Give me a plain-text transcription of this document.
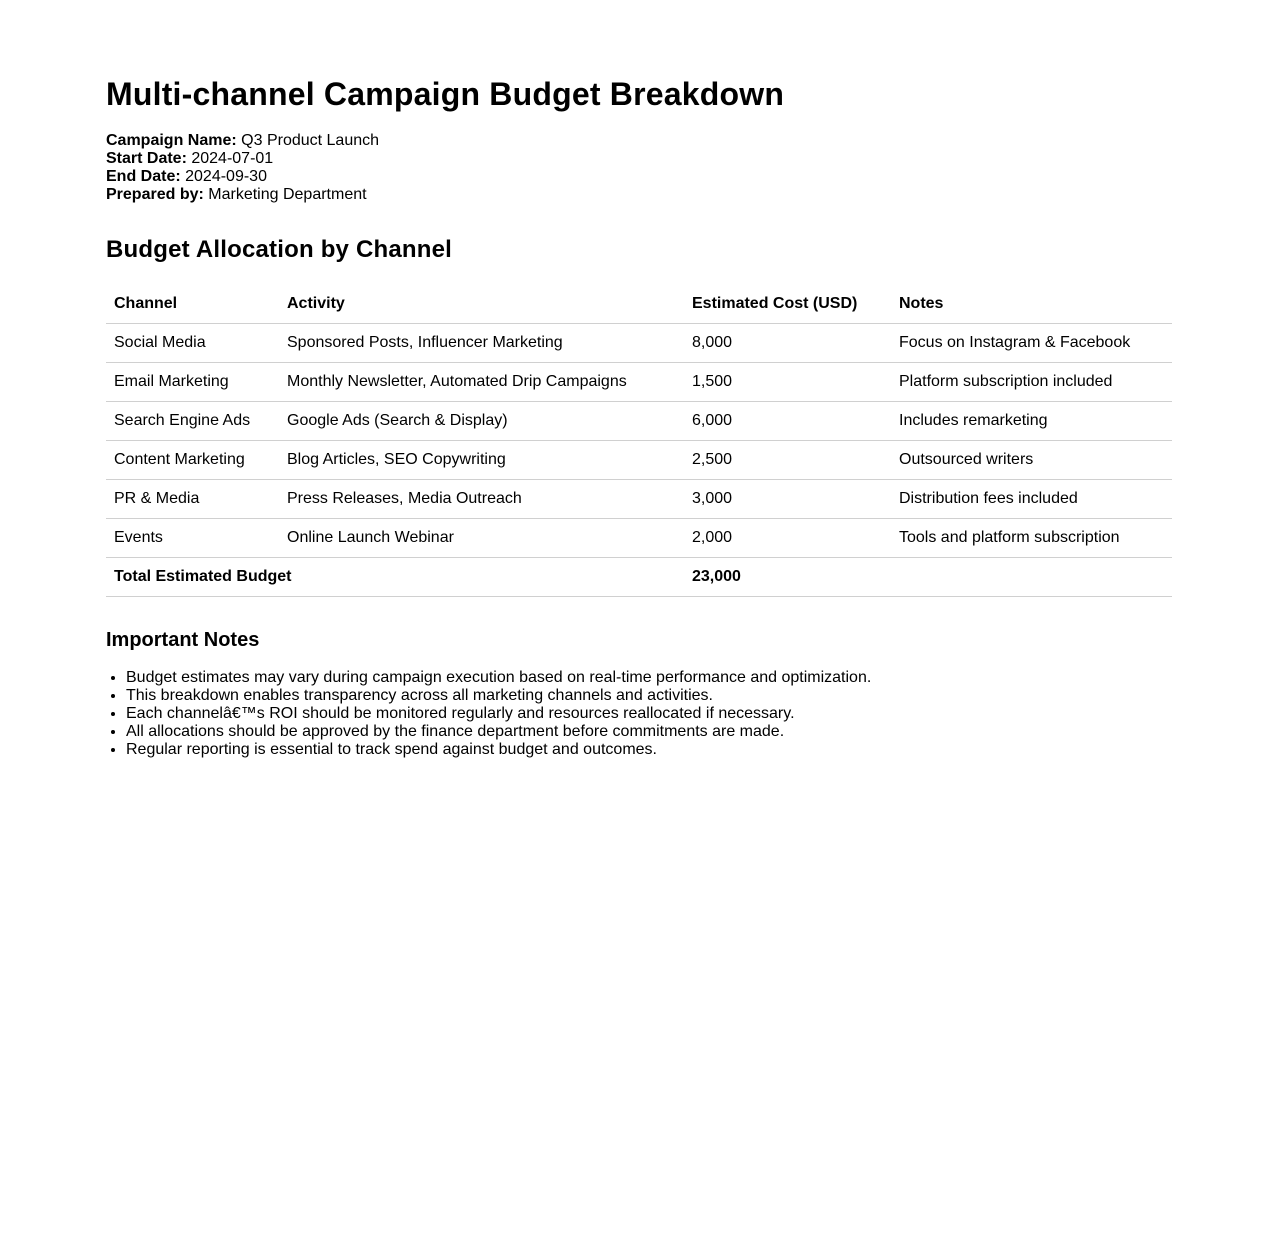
Multi-channel Campaign Budget Breakdown
Campaign Name: Q3 Product Launch
Start Date: 2024-07-01
End Date: 2024-09-30
Prepared by: Marketing Department
Budget Allocation by Channel
Channel	Activity	Estimated Cost (USD)	Notes
Social Media	Sponsored Posts, Influencer Marketing	8,000	Focus on Instagram & Facebook
Email Marketing	Monthly Newsletter, Automated Drip Campaigns	1,500	Platform subscription included
Search Engine Ads	Google Ads (Search & Display)	6,000	Includes remarketing
Content Marketing	Blog Articles, SEO Copywriting	2,500	Outsourced writers
PR & Media	Press Releases, Media Outreach	3,000	Distribution fees included
Events	Online Launch Webinar	2,000	Tools and platform subscription
Total Estimated Budget		23,000	
Important Notes
• Budget estimates may vary during campaign execution based on real-time performance and optimization.
• This breakdown enables transparency across all marketing channels and activities.
• Each channelâ€™s ROI should be monitored regularly and resources reallocated if necessary.
• All allocations should be approved by the finance department before commitments are made.
• Regular reporting is essential to track spend against budget and outcomes.
